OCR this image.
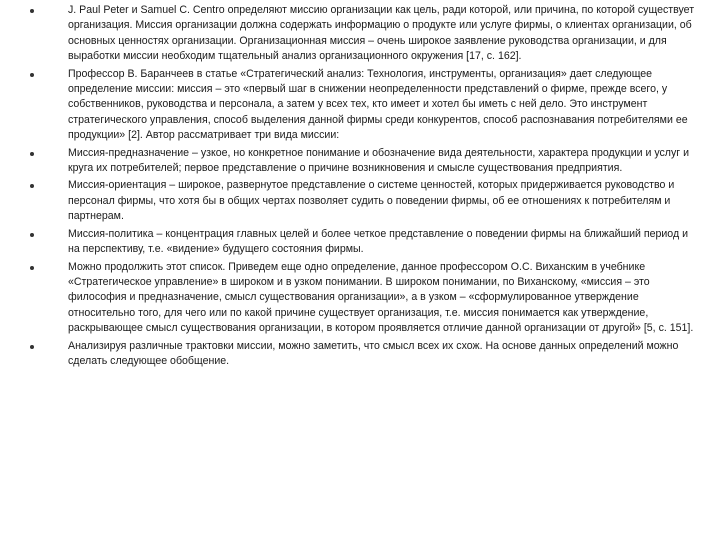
J. Paul Peter и Samuel C. Centro определяют миссию организации как цель, ради которой, или причина, по которой существует организация. Миссия организации должна содержать информацию о продукте или услуге фирмы, о клиентах организации, об основных ценностях организации. Организационная миссия – очень широкое заявление руководства организации, и для выработки миссии необходим тщательный анализ организационного окружения [17, с. 162].
Профессор В. Баранчеев в статье «Стратегический анализ: Технология, инструменты, организация» дает следующее определение миссии: миссия – это «первый шаг в снижении неопределенности представлений о фирме, прежде всего, у собственников, руководства и персонала, а затем у всех тех, кто имеет и хотел бы иметь с ней дело. Это инструмент стратегического управления, способ выделения данной фирмы среди конкурентов, способ распознавания потребителями ее продукции» [2]. Автор рассматривает три вида миссии:
Миссия-предназначение – узкое, но конкретное понимание и обозначение вида деятельности, характера продукции и услуг и круга их потребителей; первое представление о причине возникновения и смысле существования предприятия.
Миссия-ориентация – широкое, развернутое представление о системе ценностей, которых придерживается руководство и персонал фирмы, что хотя бы в общих чертах позволяет судить о поведении фирмы, об ее отношениях к потребителям и партнерам.
Миссия-политика – концентрация главных целей и более четкое представление о поведении фирмы на ближайший период и на перспективу, т.е. «видение» будущего состояния фирмы.
Можно продолжить этот список. Приведем еще одно определение, данное профессором О.С. Виханским в учебнике «Стратегическое управление» в широком и в узком понимании. В широком понимании, по Виханскому, «миссия – это философия и предназначение, смысл существования организации», а в узком – «сформулированное утверждение относительно того, для чего или по какой причине существует организация, т.е. миссия понимается как утверждение, раскрывающее смысл существования организации, в котором проявляется отличие данной организации от другой» [5, с. 151].
Анализируя различные трактовки миссии, можно заметить, что смысл всех их схож. На основе данных определений можно сделать следующее обобщение.
